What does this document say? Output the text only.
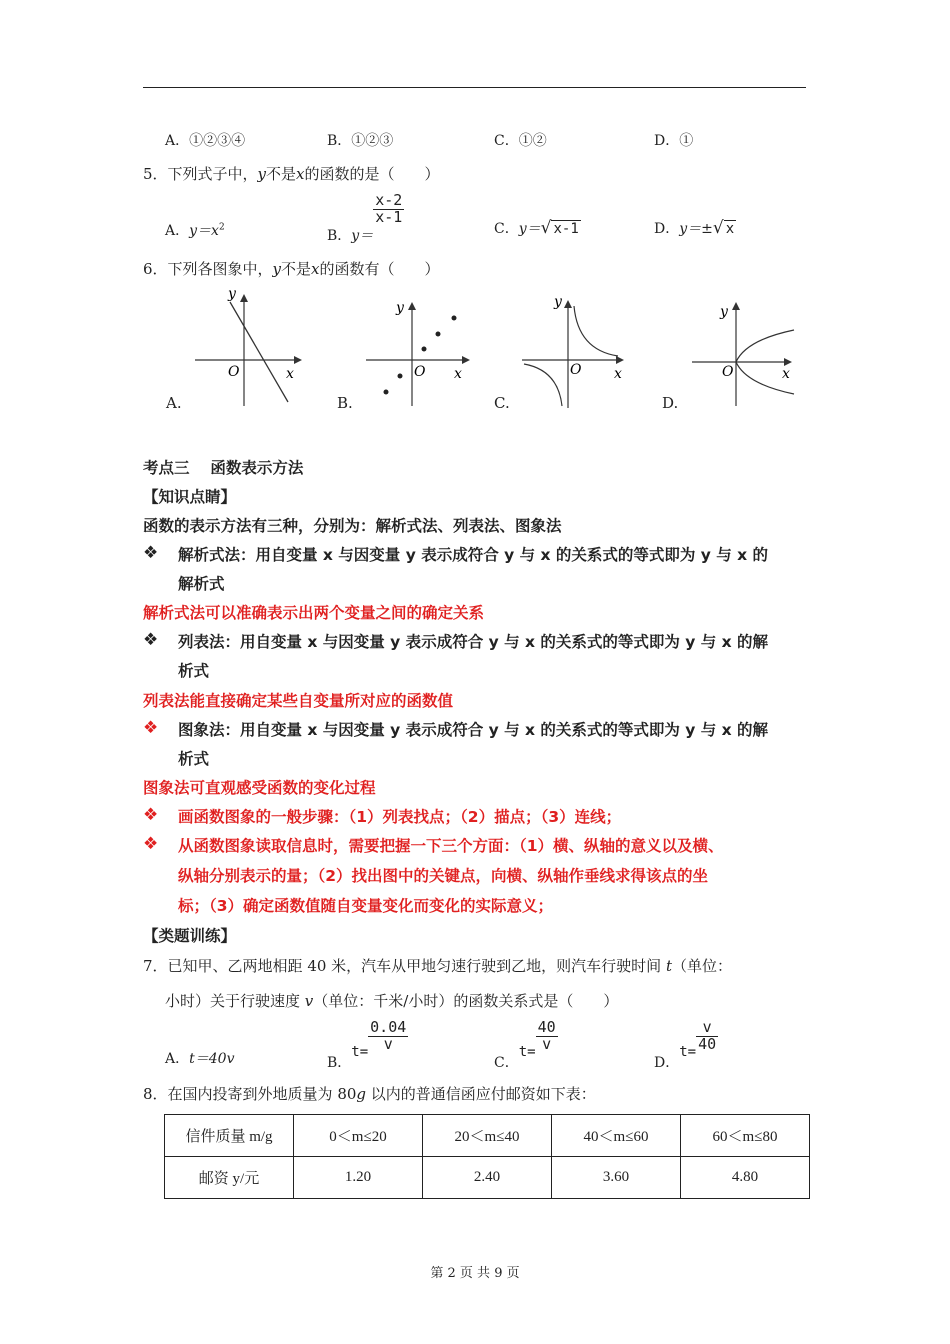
A．①②③④	B．①②③	C．①②	D．①
5．下列式子中，y不是x的函数的是（　　）
A．$y=x^2$
B．y＝
$\frac{x-2}{x-1}$
C．y＝√ x-1	D．y＝±√ x
6．下列各图象中，y不是x的函数有（　　）
y
x
O
A.
y
x
O
B.
y
x
O
C.
y
x
O
D.
考点三　 函数表示方法
【知识点睛】
函数的表示方法有三种，分别为：解析式法、列表法、图象法
❖ 解析式法：用自变量 x 与因变量 y 表示成符合 y 与 x 的关系式的等式即为 y 与 x 的
解析式
解析式法可以准确表示出两个变量之间的确定关系
❖ 列表法：用自变量 x 与因变量 y 表示成符合 y 与 x 的关系式的等式即为 y 与 x 的解
析式
列表法能直接确定某些自变量所对应的函数值
❖ 图象法：用自变量 x 与因变量 y 表示成符合 y 与 x 的关系式的等式即为 y 与 x 的解
析式
图象法可直观感受函数的变化过程
❖ 画函数图象的一般步骤：（1）列表找点；（2）描点；（3）连线；
❖ 从函数图象读取信息时，需要把握一下三个方面：（1）横、纵轴的意义以及横、
纵轴分别表示的量；（2）找出图中的关键点，向横、纵轴作垂线求得该点的坐
标；（3）确定函数值随自变量变化而变化的实际意义；
【类题训练】
7．已知甲、乙两地相距 40 米，汽车从甲地匀速行驶到乙地，则汽车行驶时间 t（单位：
小时）关于行驶速度 v（单位：千米/小时）的函数关系式是（　　）
A．t＝40v	B．$t= \frac{0.04}{v}$
C．$t= \frac{40}{v}$
D．$t= \frac{v}{40}$
8．在国内投寄到外地质量为 80g 以内的普通信函应付邮资如下表：
信件质量 m/g	0＜m≤20	20＜m≤40	40＜m≤60	60＜m≤80
邮资 y/元	1.20	2.40	3.60	4.80
第 2 页 共 9 页
